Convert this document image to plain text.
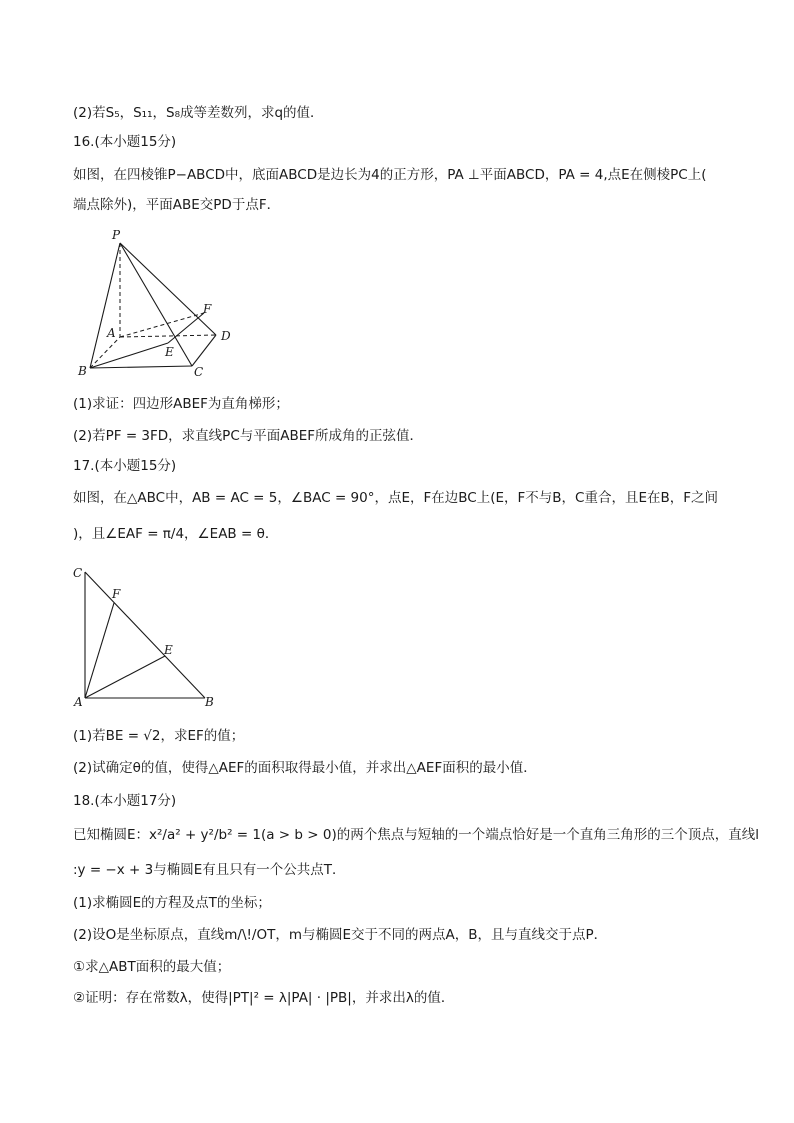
(2)若S₅，S₁₁，S₈成等差数列，求q的值．
16.(本小题15分)
如图，在四棱锥P−ABCD中，底面ABCD是边长为4的正方形，PA ⊥平面ABCD，PA = 4,点E在侧棱PC上(
端点除外)，平面ABE交PD于点F．
P
A
B	C
D
E
F
(1)求证：四边形ABEF为直角梯形；
(2)若PF = 3FD，求直线PC与平面ABEF所成角的正弦值．
17.(本小题15分)
如图，在△ABC中，AB = AC = 5，∠BAC = 90°，点E，F在边BC上(E，F不与B，C重合，且E在B，F之间
)，且∠EAF = π/4，∠EAB = θ．
C
F
E
A	B
(1)若BE = √2，求EF的值；
(2)试确定θ的值，使得△AEF的面积取得最小值，并求出△AEF面积的最小值．
18.(本小题17分)
已知椭圆E：x²/a² + y²/b² = 1(a > b > 0)的两个焦点与短轴的一个端点恰好是一个直角三角形的三个顶点，直线l
:y = −x + 3与椭圆E有且只有一个公共点T．
(1)求椭圆E的方程及点T的坐标；
(2)设O是坐标原点，直线m/\!/OT，m与椭圆E交于不同的两点A，B，且与直线交于点P．
①求△ABT面积的最大值；
②证明：存在常数λ，使得|PT|² = λ|PA| · |PB|，并求出λ的值．
